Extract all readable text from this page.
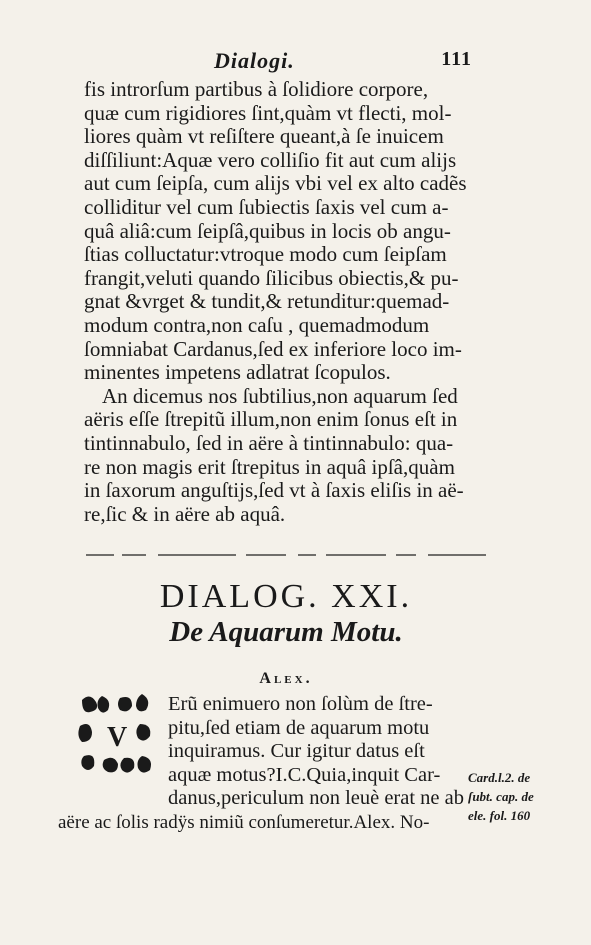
Dialogi.	111
fis introrſum partibus à ſolidiore corpore,
quæ cum rigidiores ſint,quàm vt flecti, mol-
liores quàm vt reſiſtere queant,à ſe inuicem
diſſiliunt:Aquæ vero colliſio fit aut cum alijs
aut cum ſeipſa, cum alijs vbi vel ex alto cadẽs
colliditur vel cum ſubiectis ſaxis vel cum a-
quâ aliâ:cum ſeipſâ,quibus in locis ob angu-
ſtias colluctatur:vtroque modo cum ſeipſam
frangit,veluti quando ſilicibus obiectis,& pu-
gnat &vrget & tundit,& retunditur:quemad-
modum contra,non caſu , quemadmodum
ſomniabat Cardanus,ſed ex inferiore loco im-
minentes impetens adlatrat ſcopulos.
An dicemus nos ſubtilius,non aquarum ſed
aëris eſſe ſtrepitũ illum,non enim ſonus eſt in
tintinnabulo, ſed in aëre à tintinnabulo: qua-
re non magis erit ſtrepitus in aquâ ipſâ,quàm
in ſaxorum anguſtijs,ſed vt à ſaxis eliſis in aë-
re,ſic & in aëre ab aquâ.
DIALOG. XXI.
De Aquarum Motu.
Alex.
V
Erũ enimuero non ſolùm de ſtre-
pitu,ſed etiam de aquarum motu
inquiramus. Cur igitur datus eſt
aquæ motus?I.C.Quia,inquit Car-
danus,periculum non leuè erat ne ab
aëre ac ſolis radÿs nimiũ conſumeretur.Alex. No-
Card.l.2. de
ſubt. cap. de
ele. fol. 160
